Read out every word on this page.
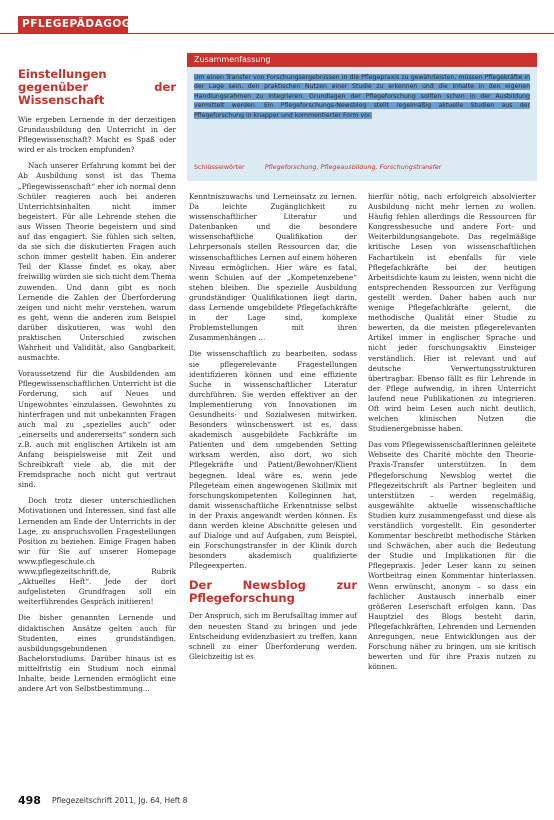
PFLEGEPÄDAGOGIK
Einstellungen gegenüber der Wissenschaft

Wie ergeben Lernende in der derzeitigen Grundausbildung den Unterricht in der Pflegewissenschaft? Macht es Spaß oder wird er als trocken empfunden?

Nach unserer Erfahrung kommt bei der Ab Ausbildung sonst ist das Thema „Pflegewissenschaft“ eher ich normal denn Schüler reagieren auch bei anderen Unterrichtsinhalten nicht immer begeistert. Für alle Lehrende stehen die aus Wissen Theorie begeistern und sind auf das engagiert. Sie fühlen sich selten, da sie sich die diskutierten Fragen auch schon immer gestellt haben. Ein anderer Teil der Klasse findet es okay, aber freiwillig würden sie sich nicht dem Thema zuwenden. Und dann gibt es noch Lernende die Zahlen der Überforderung zeigen und nicht mehr verstehen, warum es geht, wenn die anderen zum Beispiel darüber diskutieren, was wohl den praktischen Unterschied zwischen Wahrheit und Validität, also Gangbarkeit, ausmachte.

Voraussetzend für die Ausbildenden am Pflegewissenschaftlichen Unterricht ist die Forderung, sich auf Neues und Ungewohntes einzulassen. Gewohntes zu hinterfragen und mit unbekannten Fragen auch mal zu „spezielles auch“ oder „einerseits und andererseits“ sondern sich z.B. auch mit englischen Artikeln ist am Anfang beispielsweise mit Zeit und Schreibkraft viele ab, die mit der Fremdsprache noch nicht gut vertraut sind.

Doch trotz dieser unterschiedlichen Motivationen und Interessen, sind fast alle Lernenden am Ende der Unterrichts in der Lage, zu anspruchsvollen Fragestellungen Position zu beziehen. Einige Fragen haben wir für Sie auf unserer Homepage www.pflegeschule.ch www.pflegezeitschrift.de, Rubrik „Aktuelles Heft“. Jede der dort aufgelisteten Grundfragen soll ein weiterführendes Gespräch initiieren!

Die bisher genannten Lernende und didaktischen Ansätze gelten auch für Studenten, eines grundständigen, ausbildungsgebundenen Bachelorstudiums. Darüber hinaus ist es mittelfristig ein Studium noch einmal Inhalte, beide Lernenden ermöglicht eine andere Art von Selbstbestimmung...

Zusammenfassung
Um einen Transfer von Forschungsergebnissen in die Pflegepraxis zu gewährleisten, müssen Pflegekräfte in der Lage sein, den praktischen Nutzen einer Studie zu erkennen und die Inhalte in den eigenen Handlungsrahmen zu integrieren. Grundlagen der Pflegeforschung sollten schon in der Ausbildung vermittelt werden. Ein Pflegeforschungs-Newsblog stellt regelmäßig aktuelle Studien aus der Pflegeforschung in knapper und kommentierter Form vor.
Schlüsselwörter	Pflegeforschung, Pflegeausbildung, Forschungstransfer

Kenntniszuwachs und Lerneinsatz zu lernen. Da leichte Zugänglichkeit zu wissenschaftlicher Literatur und Datenbanken und die besondere wissenschaftliche Qualifikation der Lehrpersonals stellen Ressourcen dar, die wissenschaftliches Lernen auf einem höheren Niveau ermöglichen. Hier wäre es fatal, wenn Schulen auf der „Kompetenzebene“ stehen bleiben. Die spezielle Ausbildung grundständiger Qualifikationen liegt darin, dass Lernende umgebildete Pflegefachkräfte in der Lage sind, komplexe Problemstellungen mit ihren Zusammenhängen ...

Die wissenschaftlich zu bearbeiten, sodass sie pflegerelevante Fragestellungen identifizieren können und eine effiziente Suche in wissenschaftlicher Literatur durchführen. Sie werden effektiver an der Implementierung von Innovationen im Gesundheits- und Sozialwesen mitwirken. Besonders wünschenswert ist es, dass akademisch ausgebildete Fachkräfte im Patienten und dem umgebenden Setting wirksam werden, also dort, wo sich Pflegekräfte und Patient/Bewohner/Klient begegnen. Ideal wäre es, wenn jede Pflegeteam einen angewogenen Skillmix mit forschungskompetenten Kolleginnen hat, damit wissenschaftliche Erkenntnisse selbst in der Praxis angewandt werden können. Es dann werden kleine Abschnitte gelesen und auf Dialoge und auf Aufgaben, zum Beispiel, ein Forschungstransfer in der Klinik durch besonders akademisch qualifizierte Pflegeexperten.

Der Newsblog zur Pflegeforschung

Der Anspruch, sich im Berufsalltag immer auf den neuesten Stand zu bringen und jede Entscheidung evidenzbasiert zu treffen, kann schnell zu einer Überforderung werden. Gleichzeitig ist es

hierfür nötig, nach erfolgreich absolvierter Ausbildung nicht mehr lernen zu wollen. Häufig fehlen allerdings die Ressourcen für Kongressbesuche und andere Fort- und Weiterbildungsangebote. Das regelmäßige kritische Lesen von wissenschaftlichen Fachartikeln ist ebenfalls für viele Pflegefachkräfte bei der heutigen Arbeitsdichte kaum zu leisten, wenn nicht die entsprechenden Ressourcen zur Verfügung gestellt werden. Daher haben auch nur wenige Pflegefachkräfte gelernt, die methodische Qualität einer Studie zu bewerten, da die meisten pflegerelevanten Artikel immer in englischer Sprache und nicht jeder forschungsaktiv Einsteiger verständlich. Hier ist relevant und auf deutsche Verwertungsstrukturen übertragbar. Ebenso fällt es für Lehrende in der Pflege aufwendig, in ihren Unterricht laufend neue Publikationen zu integrieren. Oft wird beim Lesen auch nicht deutlich, welchen klinischen Nutzen die Studienergebnisse haben.

Das vom Pflegewissenschaftlerinnen geleitete Webseite des Charité möchte den Theorie-Praxis-Transfer unterstützen. In dem Pflegeforschung Newsblog wertet die Pflegezeitschrift als Partner begleiten und unterstützen – werden regelmäßig, ausgewählte aktuelle wissenschaftliche Studien kurz zusammengefasst und diese als verständlich vorgestellt. Ein gesonderter Kommentar beschreibt methodische Stärken und Schwächen, aber auch die Bedeutung der Studie und Implikationen für die Pflegepraxis. Jeder Leser kann zu seinen Wortbeitrag einen Kommentar hinterlassen. Wenn erwünscht, anonym – so dass ein fachlicher Austausch innerhalb einer größeren Leserschaft erfolgen kann. Das Hauptziel des Blogs besteht darin, Pflegefachkräften, Lehrenden und Lernenden Anregungen, neue Entwicklungen aus der Forschung näher zu bringen, um sie kritisch bewerten und für ihre Praxis nutzen zu können.

498 Pflegezeitschrift 2011, Jg. 64, Heft 8
